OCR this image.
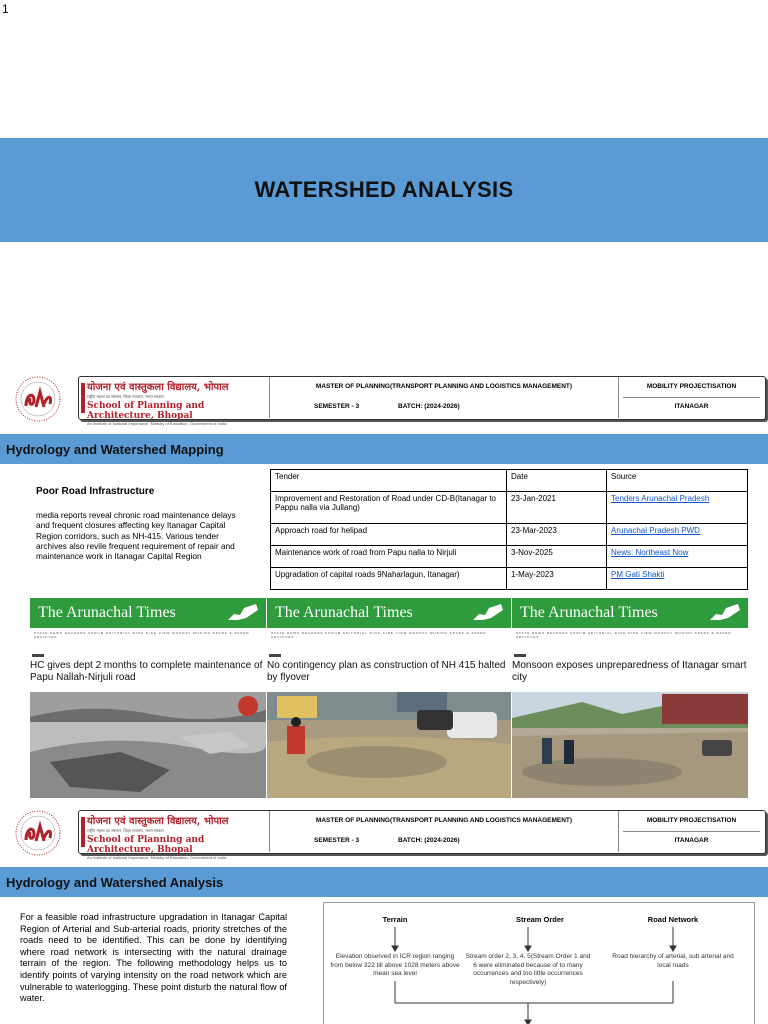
1
WATERSHED ANALYSIS
योजना एवं वास्तुकला विद्यालय, भोपाल
राष्ट्रीय महत्त्व का संस्थान, शिक्षा मंत्रालय, भारत सरकार
School of Planning and Architecture, Bhopal
An Institute of National Importance, Ministry of Education, Government of India
MASTER OF PLANNING(TRANSPORT PLANNING AND LOGISTICS MANAGEMENT)
SEMESTER - 3	BATCH: (2024-2026)
MOBILITY PROJECTISATION
ITANAGAR
Hydrology and Watershed Mapping
Poor Road Infrastructure
media reports reveal chronic road maintenance delays and frequent closures affecting key Itanagar Capital Region corridors, such as NH-415. Various tender archives also revile frequent requirement of repair and maintenance work in Itanagar Capital Region
Tender	Date	Source
Improvement and Restoration of Road under CD-B(Itanagar to Pappu nalla via Jullang)	23-Jan-2021	Tenders Arunachal Pradesh
Approach road for helipad	23-Mar-2023	Arunachal Pradesh PWD
Maintenance work of road from Papu nalla to Nirjuli	3-Nov-2025	News: Northeast Now
Upgradation of capital roads 9Naharlagun, Itanagar)	1-May-2023	PM Gati Shakti
The Arunachal Times
STATE NEWS READERS FORUM EDITORIAL RING SIDE VIEW MONDAY MUSING SPARK E-PAPER ARCHIVES
HC gives dept 2 months to complete maintenance of Papu Nallah-Nirjuli road
The Arunachal Times
STATE NEWS READERS FORUM EDITORIAL RING SIDE VIEW MONDAY MUSING SPARK E-PAPER ARCHIVES
No contingency plan as construction of NH 415 halted by flyover
The Arunachal Times
STATE NEWS READERS FORUM EDITORIAL RING SIDE VIEW MONDAY MUSING SPARK E-PAPER ARCHIVES
Monsoon exposes unpreparedness of Itanagar smart city
योजना एवं वास्तुकला विद्यालय, भोपाल
राष्ट्रीय महत्त्व का संस्थान, शिक्षा मंत्रालय, भारत सरकार
School of Planning and Architecture, Bhopal
An Institute of National Importance, Ministry of Education, Government of India
MASTER OF PLANNING(TRANSPORT PLANNING AND LOGISTICS MANAGEMENT)
SEMESTER - 3	BATCH: (2024-2026)
MOBILITY PROJECTISATION
ITANAGAR
Hydrology and Watershed Analysis
For a feasible road infrastructure upgradation in Itanagar Capital Region of Arterial and Sub-arterial roads, priority stretches of the roads need to be identified. This can be done by identifying where road network is intersecting with the natural drainage terrain of the region. The following methodology helps us to identify points of varying intensity on the road network which are vulnerable to waterlogging. These point disturb the natural flow of water.
Terrain	Stream Order	Road Network
Elevation observed in ICR region ranging from below 322 till above 1028 meters above mean sea level
Stream order 2, 3, 4, 5(Stream Order 1 and 6 were eliminated because of to many occurrences and too little occurrences respectively)
Road hierarchy of arterial, sub arterial and local roads
